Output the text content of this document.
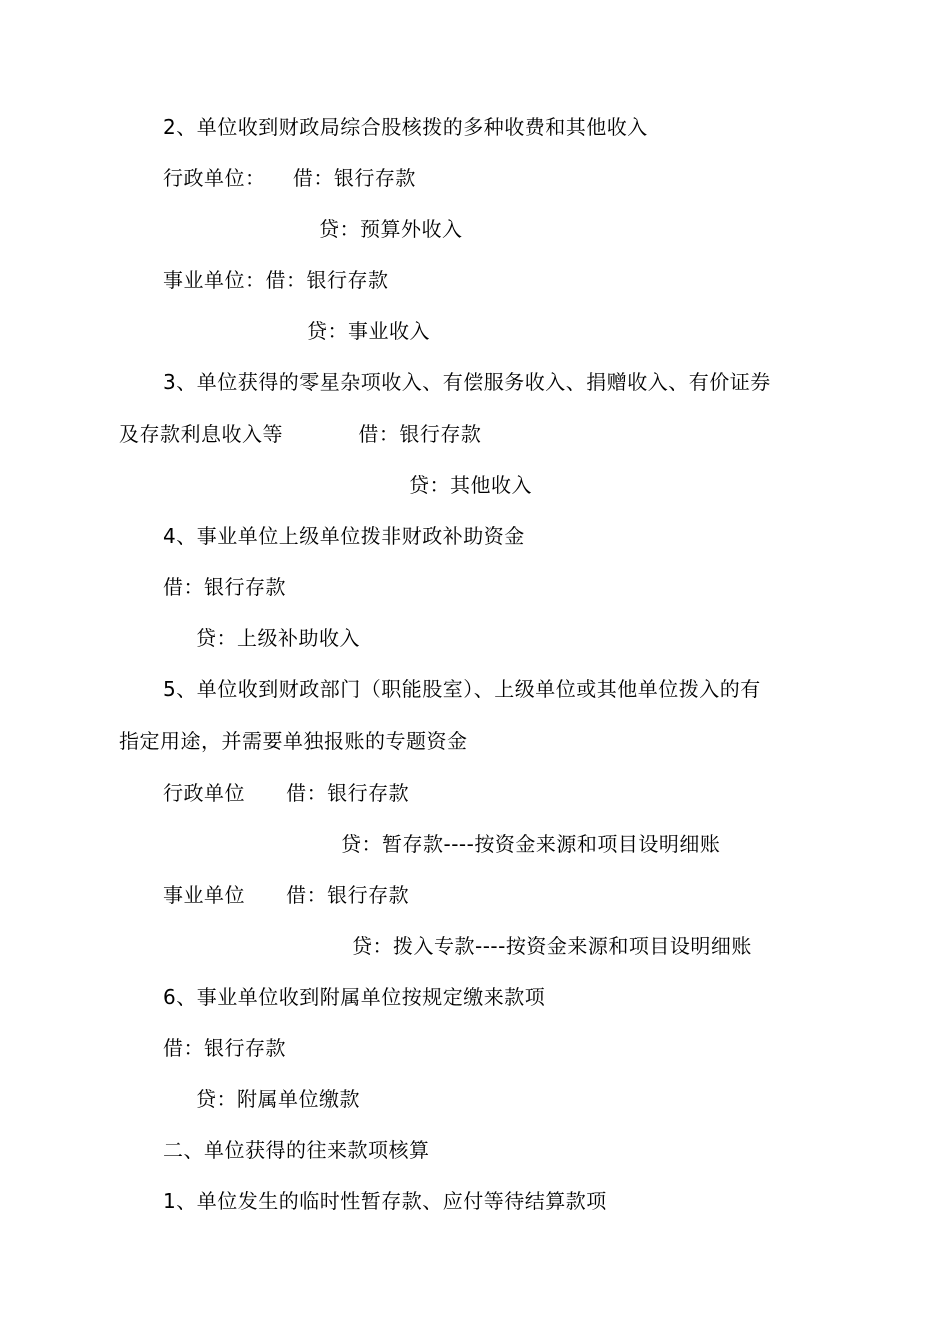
2、单位收到财政局综合股核拨的多种收费和其他收入
行政单位：    借：银行存款
贷：预算外收入
事业单位：借：银行存款
贷：事业收入
3、单位获得的零星杂项收入、有偿服务收入、捐赠收入、有价证券
及存款利息收入等           借：银行存款
贷：其他收入
4、事业单位上级单位拨非财政补助资金
借：银行存款
贷：上级补助收入
5、单位收到财政部门（职能股室）、上级单位或其他单位拨入的有
指定用途，并需要单独报账的专题资金
行政单位      借：银行存款
贷：暂存款----按资金来源和项目设明细账
事业单位      借：银行存款
贷：拨入专款----按资金来源和项目设明细账
6、事业单位收到附属单位按规定缴来款项
借：银行存款
贷：附属单位缴款
二、单位获得的往来款项核算
1、单位发生的临时性暂存款、应付等待结算款项
